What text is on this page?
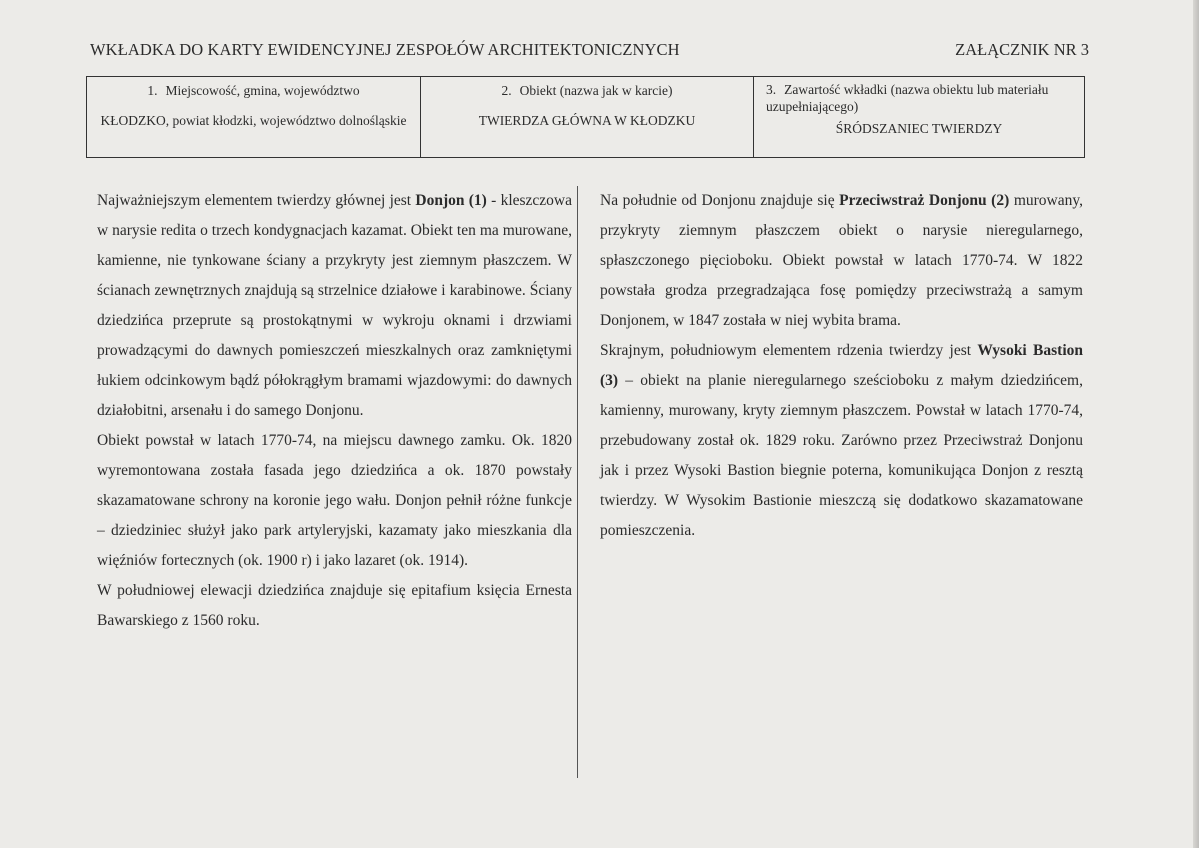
WKŁADKA DO KARTY EWIDENCYJNEJ ZESPOŁÓW ARCHITEKTONICZNYCH	ZAŁĄCZNIK NR 3
1. Miejscowość, gmina, województwo
KŁODZKO, powiat kłodzki, województwo dolnośląskie
2. Obiekt (nazwa jak w karcie)
TWIERDZA GŁÓWNA W KŁODZKU
3. Zawartość wkładki (nazwa obiektu lub materiału
uzupełniającego)
ŚRÓDSZANIEC TWIERDZY

Najważniejszym elementem twierdzy głównej jest Donjon (1) - kleszczowa w narysie redita o trzech kondygnacjach kazamat. Obiekt ten ma murowane, kamienne, nie tynkowane ściany a przykryty jest ziemnym płaszczem. W ścianach zewnętrznych znajdują są strzelnice działowe i karabinowe. Ściany dziedzińca przeprute są prostokątnymi w wykroju oknami i drzwiami prowadzącymi do dawnych pomieszczeń mieszkalnych oraz zamkniętymi łukiem odcinkowym bądź półokrągłym bramami wjazdowymi: do dawnych działobitni, arsenału i do samego Donjonu.

Obiekt powstał w latach 1770-74, na miejscu dawnego zamku. Ok. 1820 wyremontowana została fasada jego dziedzińca a ok. 1870 powstały skazamatowane schrony na koronie jego wału. Donjon pełnił różne funkcje – dziedziniec służył jako park artyleryjski, kazamaty jako mieszkania dla więźniów fortecznych (ok. 1900 r) i jako lazaret (ok. 1914).

W południowej elewacji dziedzińca znajduje się epitafium księcia Ernesta Bawarskiego z 1560 roku.

Na południe od Donjonu znajduje się Przeciwstraż Donjonu (2) murowany, przykryty ziemnym płaszczem obiekt o narysie nieregularnego, spłaszczonego pięcioboku. Obiekt powstał w latach 1770-74. W 1822 powstała grodza przegradzająca fosę pomiędzy przeciwstrażą a samym Donjonem, w 1847 została w niej wybita brama.

Skrajnym, południowym elementem rdzenia twierdzy jest Wysoki Bastion (3) – obiekt na planie nieregularnego sześcioboku z małym dziedzińcem, kamienny, murowany, kryty ziemnym płaszczem. Powstał w latach 1770-74, przebudowany został ok. 1829 roku. Zarówno przez Przeciwstraż Donjonu jak i przez Wysoki Bastion biegnie poterna, komunikująca Donjon z resztą twierdzy. W Wysokim Bastionie mieszczą się dodatkowo skazamatowane pomieszczenia.
